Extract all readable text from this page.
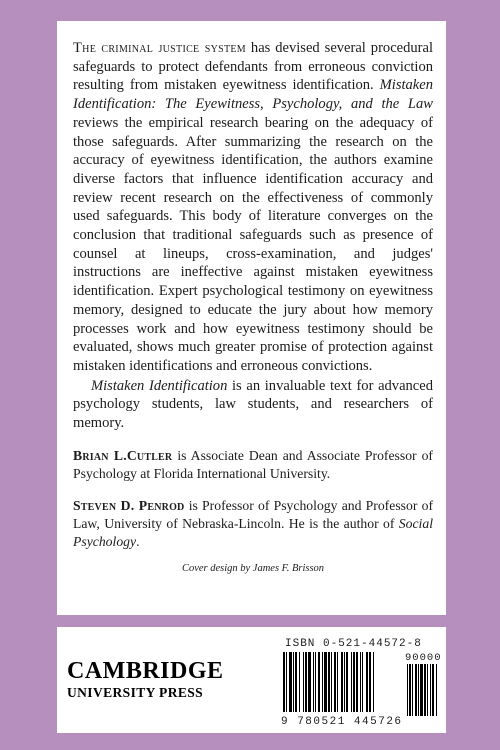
The criminal justice system has devised several procedural safeguards to protect defendants from erroneous conviction resulting from mistaken eyewitness identification. Mistaken Identification: The Eyewitness, Psychology, and the Law reviews the empirical research bearing on the adequacy of those safeguards. After summarizing the research on the accuracy of eyewitness identification, the authors examine diverse factors that influence identification accuracy and review recent research on the effectiveness of commonly used safeguards. This body of literature converges on the conclusion that traditional safeguards such as presence of counsel at lineups, cross-examination, and judges' instructions are ineffective against mistaken eyewitness identification. Expert psychological testimony on eyewitness memory, designed to educate the jury about how memory processes work and how eyewitness testimony should be evaluated, shows much greater promise of protection against mistaken identifications and erroneous convictions.

Mistaken Identification is an invaluable text for advanced psychology students, law students, and researchers of memory.

Brian L.Cutler is Associate Dean and Associate Professor of Psychology at Florida International University.

Steven D. Penrod is Professor of Psychology and Professor of Law, University of Nebraska-Lincoln. He is the author of Social Psychology.

Cover design by James F. Brisson

CAMBRIDGE
UNIVERSITY PRESS
ISBN 0-521-44572-8
90000
9 780521 445726
